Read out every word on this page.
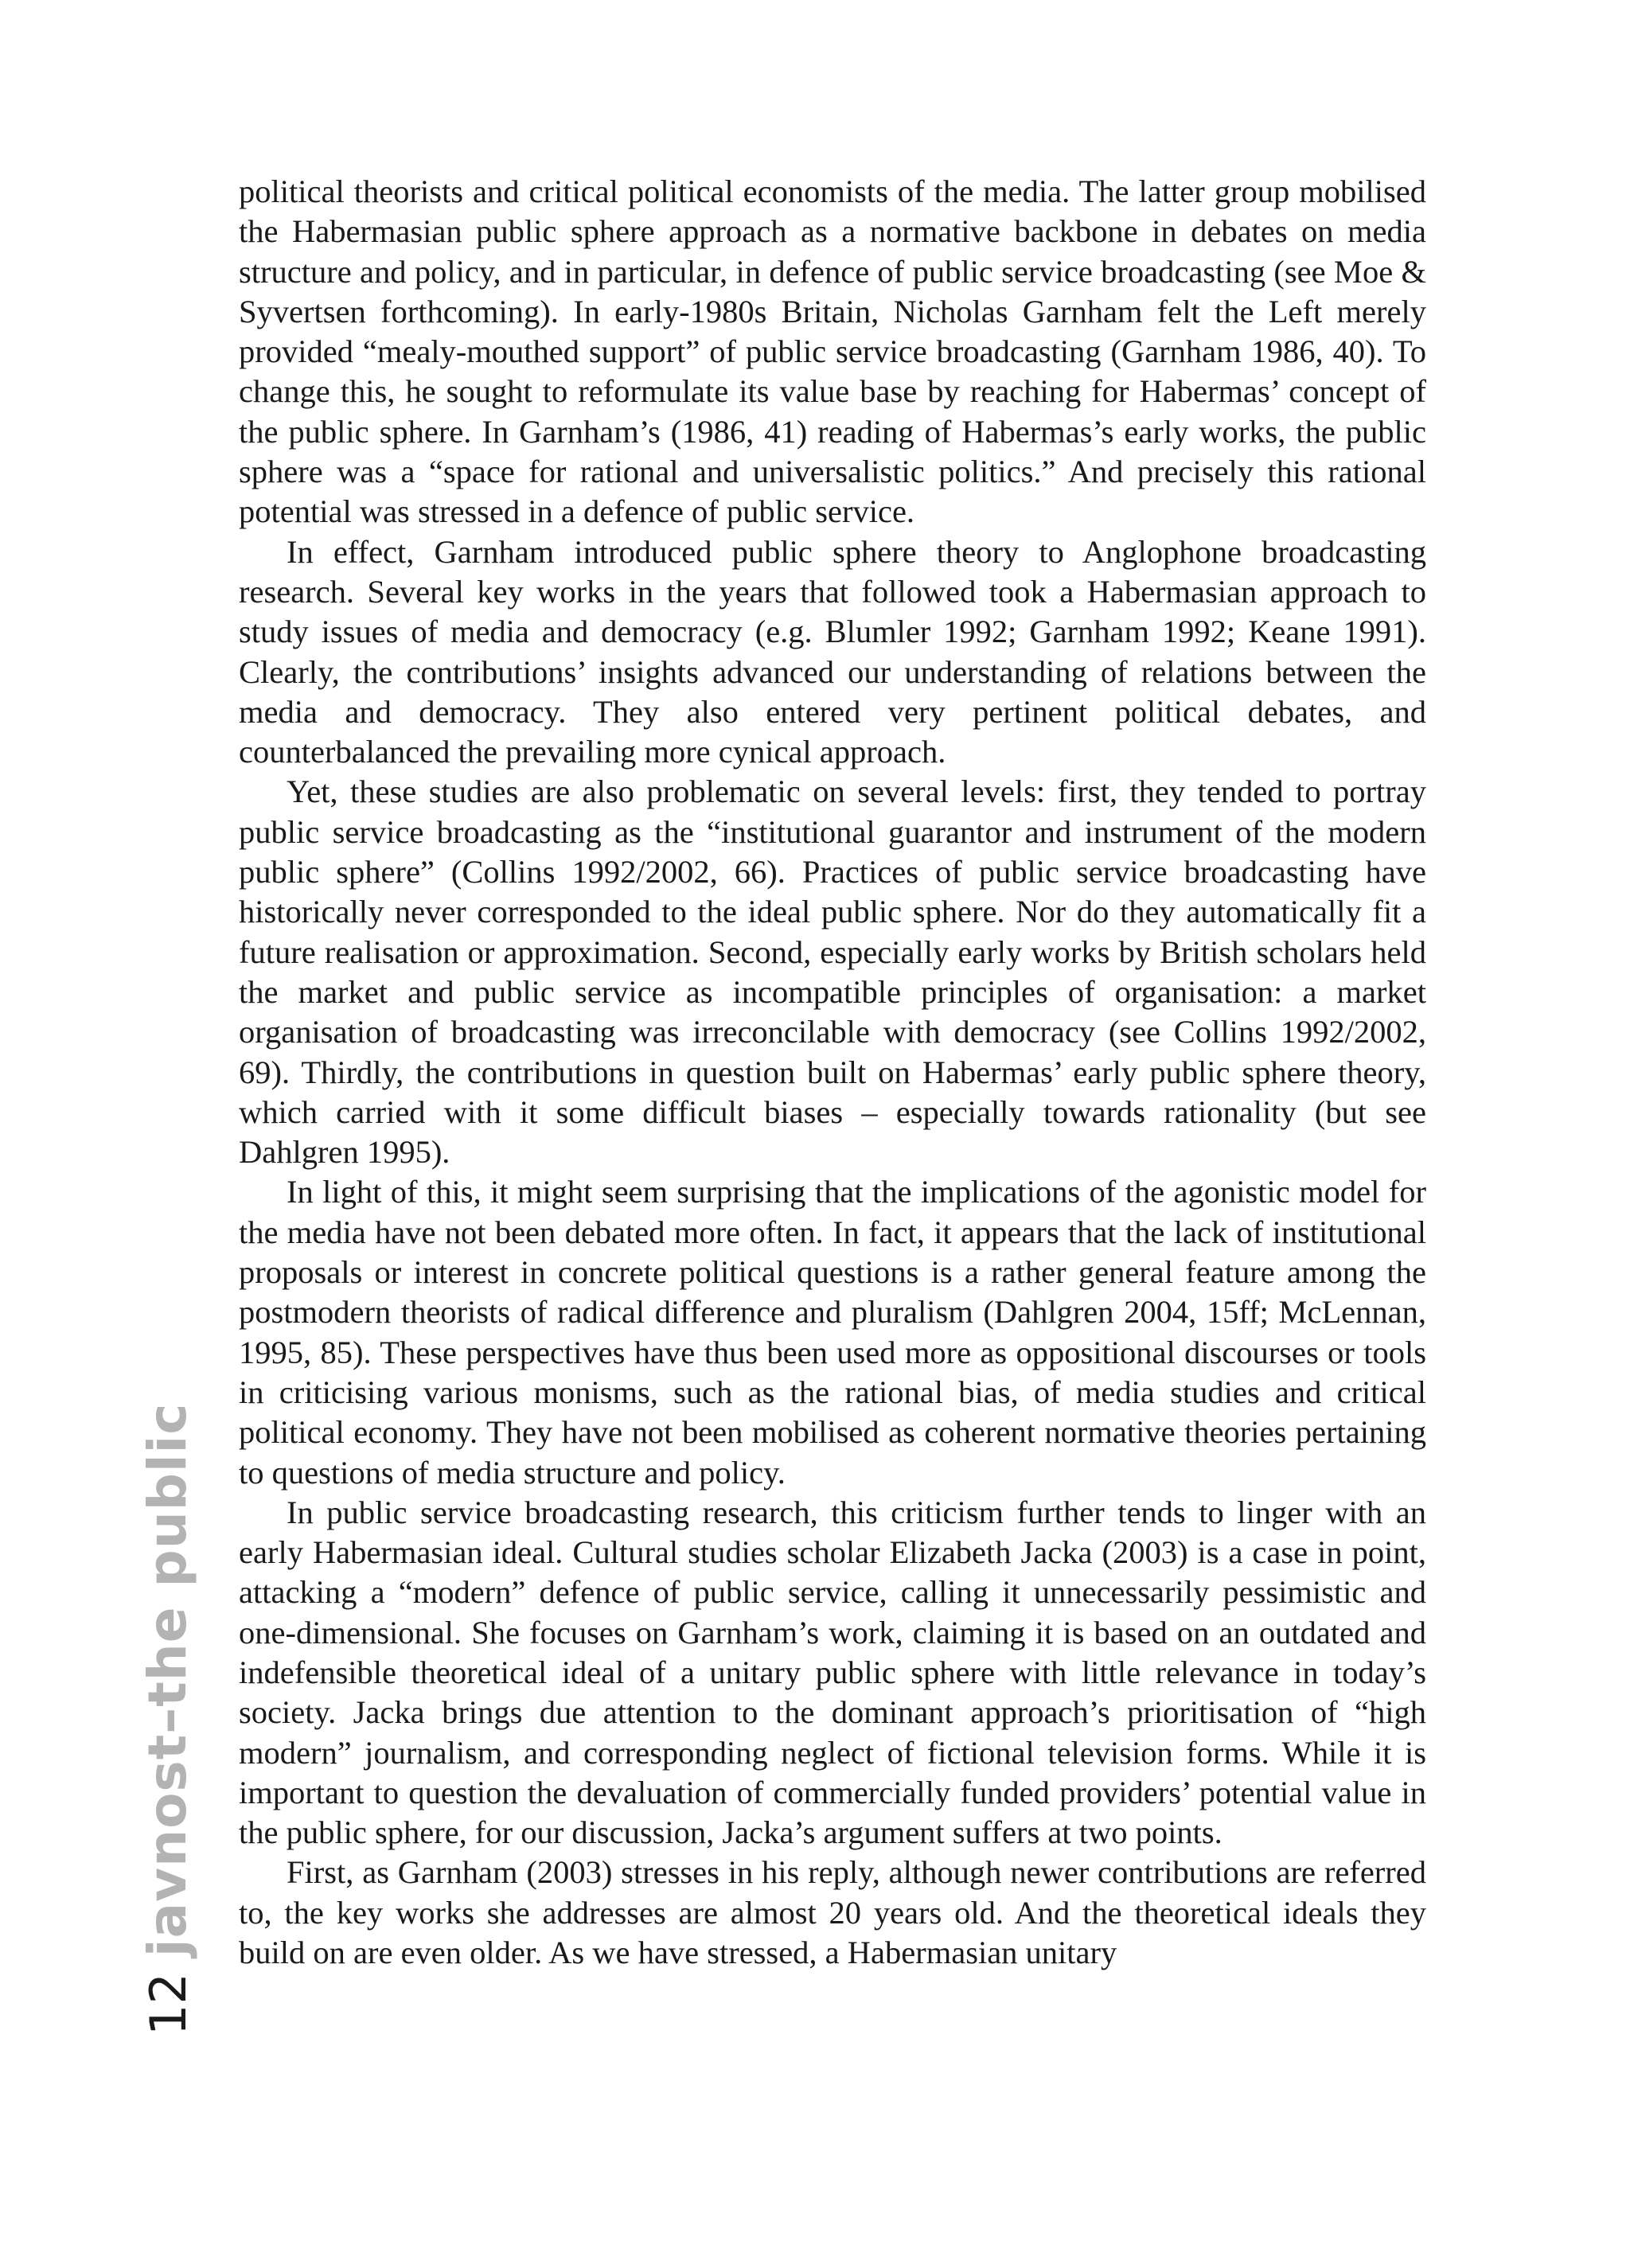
12javnost–the public

political theorists and critical political economists of the media. The latter group mobilised the Habermasian public sphere approach as a normative backbone in debates on media structure and policy, and in particular, in defence of public service broadcasting (see Moe & Syvertsen forthcoming). In early-1980s Britain, Nicholas Garnham felt the Left merely provided “mealy-mouthed support” of public service broadcasting (Garnham 1986, 40). To change this, he sought to reformulate its value base by reaching for Habermas’ concept of the public sphere. In Garnham’s (1986, 41) reading of Habermas’s early works, the public sphere was a “space for rational and universalistic politics.” And precisely this rational potential was stressed in a defence of public service.

In effect, Garnham introduced public sphere theory to Anglophone broadcasting research. Several key works in the years that followed took a Habermasian approach to study issues of media and democracy (e.g. Blumler 1992; Garnham 1992; Keane 1991). Clearly, the contributions’ insights advanced our understanding of relations between the media and democracy. They also entered very pertinent political debates, and counterbalanced the prevailing more cynical approach.

Yet, these studies are also problematic on several levels: first, they tended to portray public service broadcasting as the “institutional guarantor and instrument of the modern public sphere” (Collins 1992/2002, 66). Practices of public service broadcasting have historically never corresponded to the ideal public sphere. Nor do they automatically fit a future realisation or approximation. Second, especially early works by British scholars held the market and public service as incompatible principles of organisation: a market organisation of broadcasting was irreconcilable with democracy (see Collins 1992/2002, 69). Thirdly, the contributions in question built on Habermas’ early public sphere theory, which carried with it some difficult biases – especially towards rationality (but see Dahlgren 1995).

In light of this, it might seem surprising that the implications of the agonistic model for the media have not been debated more often. In fact, it appears that the lack of institutional proposals or interest in concrete political questions is a rather general feature among the postmodern theorists of radical difference and pluralism (Dahlgren 2004, 15ff; McLennan, 1995, 85). These perspectives have thus been used more as oppositional discourses or tools in criticising various monisms, such as the rational bias, of media studies and critical political economy. They have not been mobilised as coherent normative theories pertaining to questions of media structure and policy.

In public service broadcasting research, this criticism further tends to linger with an early Habermasian ideal. Cultural studies scholar Elizabeth Jacka (2003) is a case in point, attacking a “modern” defence of public service, calling it unnecessarily pessimistic and one-dimensional. She focuses on Garnham’s work, claiming it is based on an outdated and indefensible theoretical ideal of a unitary public sphere with little relevance in today’s society. Jacka brings due attention to the dominant approach’s prioritisation of “high modern” journalism, and corresponding neglect of fictional television forms. While it is important to question the devaluation of commercially funded providers’ potential value in the public sphere, for our discussion, Jacka’s argument suffers at two points.

First, as Garnham (2003) stresses in his reply, although newer contributions are referred to, the key works she addresses are almost 20 years old. And the theoretical ideals they build on are even older. As we have stressed, a Habermasian unitary
